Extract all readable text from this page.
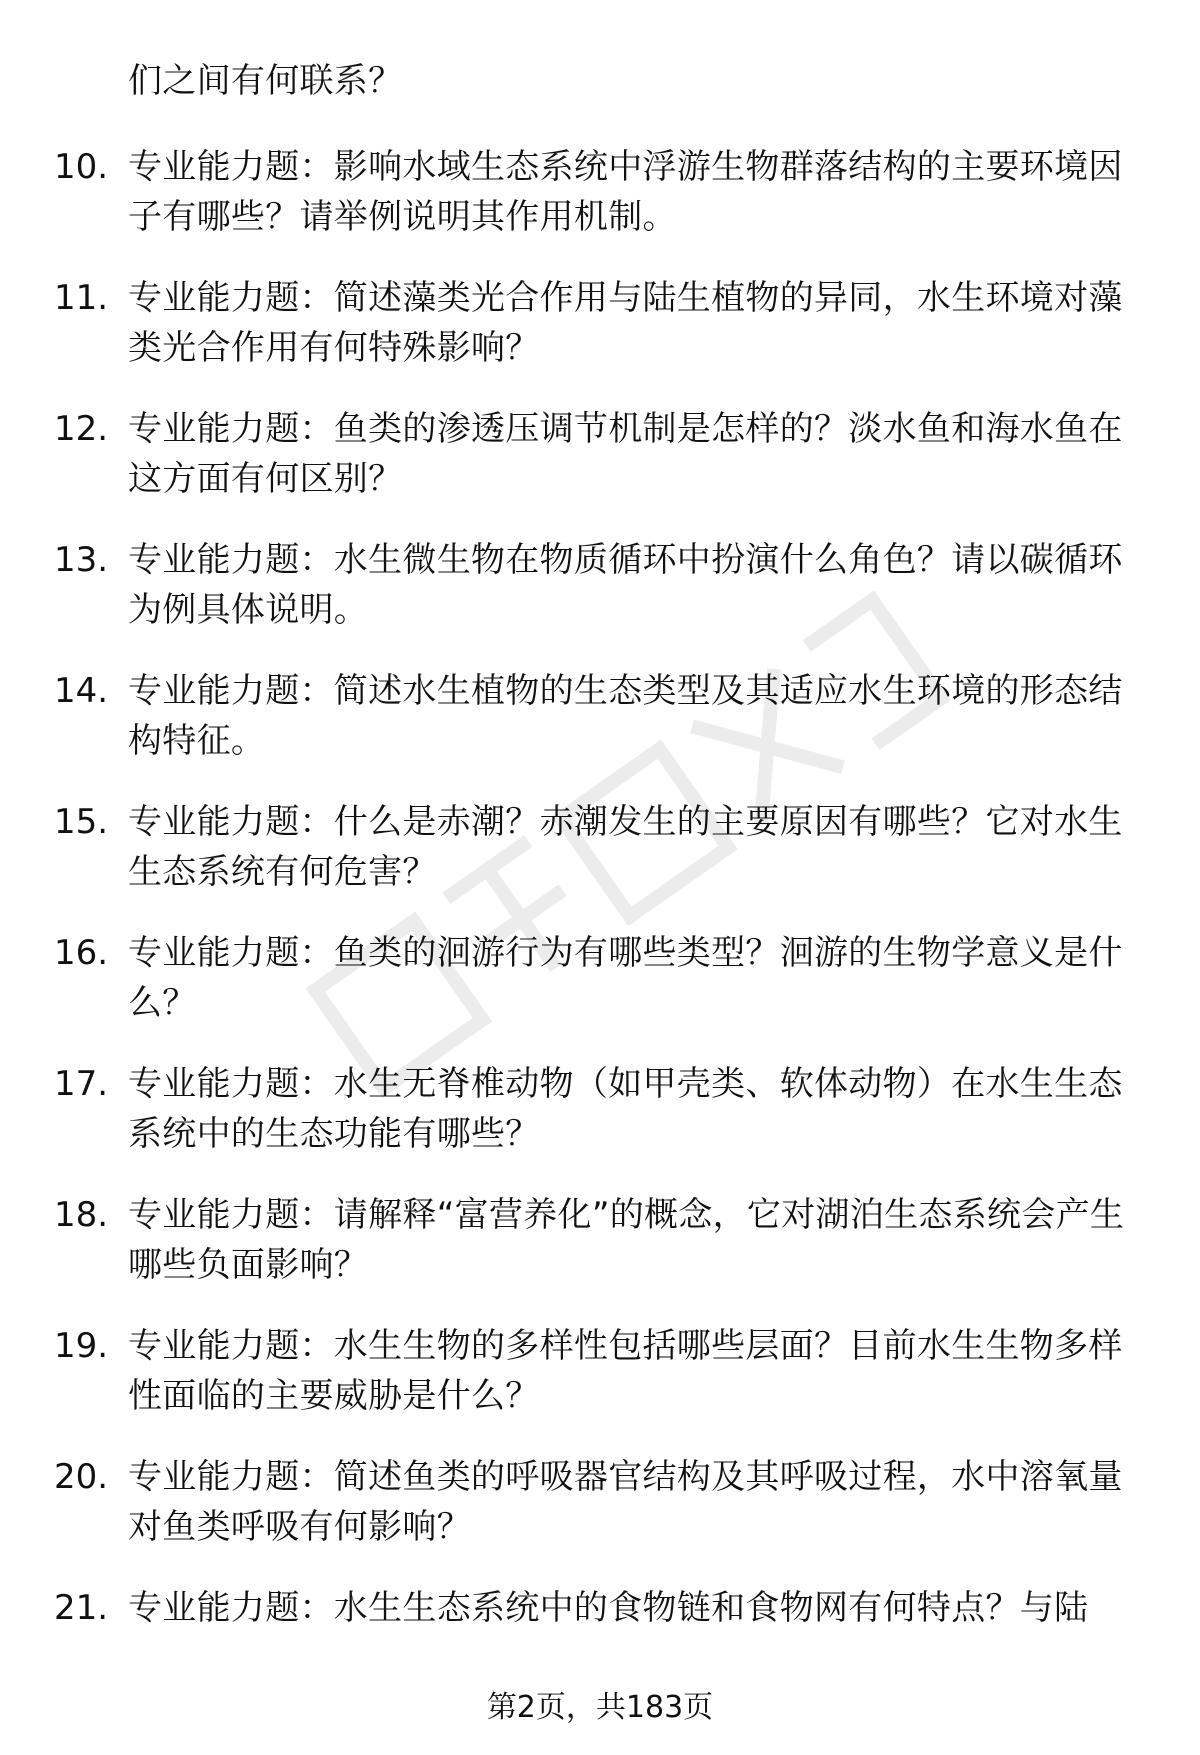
们之间有何联系？
10. 专业能力题：影响水域生态系统中浮游生物群落结构的主要环境因子有哪些？请举例说明其作用机制。
11. 专业能力题：简述藻类光合作用与陆生植物的异同，水生环境对藻类光合作用有何特殊影响？
12. 专业能力题：鱼类的渗透压调节机制是怎样的？淡水鱼和海水鱼在这方面有何区别？
13. 专业能力题：水生微生物在物质循环中扮演什么角色？请以碳循环为例具体说明。
14. 专业能力题：简述水生植物的生态类型及其适应水生环境的形态结构特征。
15. 专业能力题：什么是赤潮？赤潮发生的主要原因有哪些？它对水生生态系统有何危害？
16. 专业能力题：鱼类的洄游行为有哪些类型？洄游的生物学意义是什么？
17. 专业能力题：水生无脊椎动物（如甲壳类、软体动物）在水生生态系统中的生态功能有哪些？
18. 专业能力题：请解释“富营养化”的概念，它对湖泊生态系统会产生哪些负面影响？
19. 专业能力题：水生生物的多样性包括哪些层面？目前水生生物多样性面临的主要威胁是什么？
20. 专业能力题：简述鱼类的呼吸器官结构及其呼吸过程，水中溶氧量对鱼类呼吸有何影响？
21. 专业能力题：水生生态系统中的食物链和食物网有何特点？与陆
第2页，共183页
